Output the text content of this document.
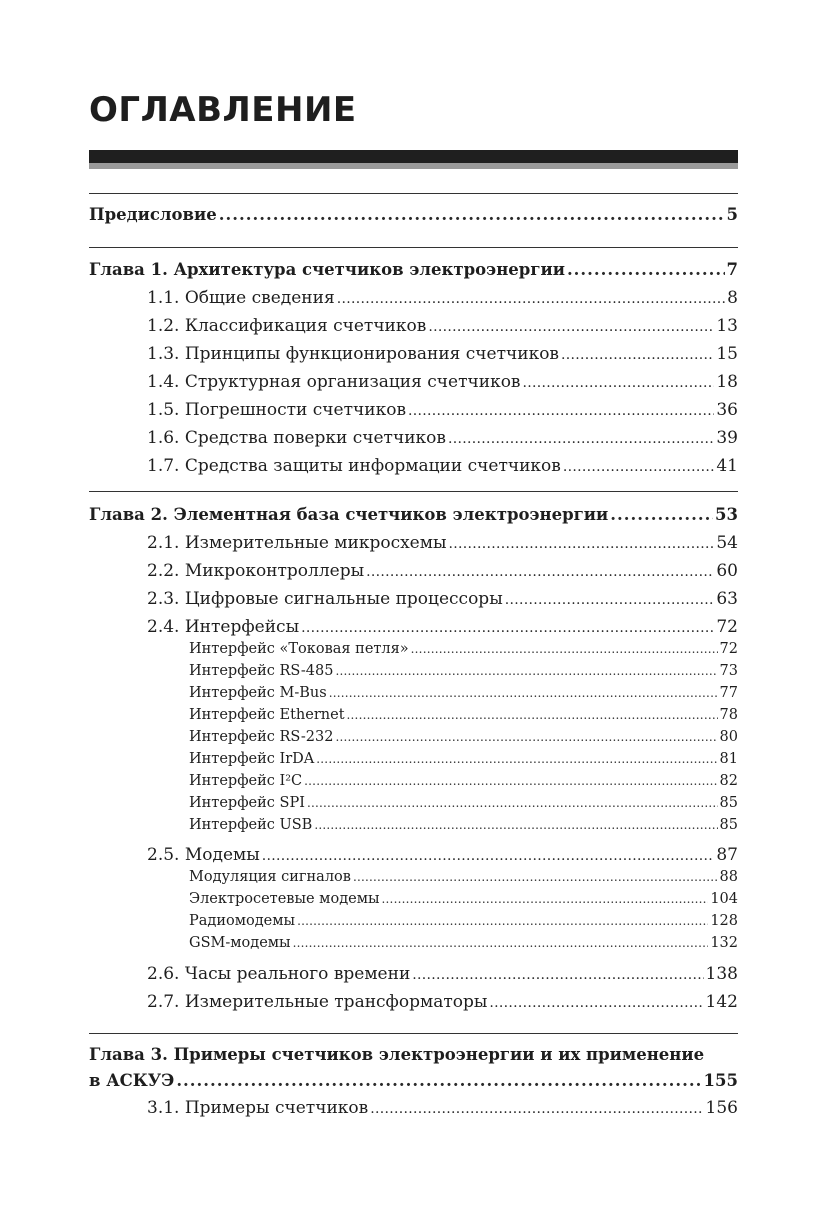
ОГЛАВЛЕНИЕ
Предисловие .....	5
Глава 1. Архитектура счетчиков электроэнергии .....	7
1.1. Общие сведения .....	8
1.2. Классификация счетчиков .....	13
1.3. Принципы функционирования счетчиков .....	15
1.4. Структурная организация счетчиков .....	18
1.5. Погрешности счетчиков .....	36
1.6. Средства поверки счетчиков .....	39
1.7. Средства защиты информации счетчиков .....	41
Глава 2. Элементная база счетчиков электроэнергии .....	53
2.1. Измерительные микросхемы .....	54
2.2. Микроконтроллеры .....	60
2.3. Цифровые сигнальные процессоры .....	63
2.4. Интерфейсы .....	72
Интерфейс «Токовая петля» .....	72
Интерфейс RS-485 .....	73
Интерфейс M-Bus .....	77
Интерфейс Ethernet .....	78
Интерфейс RS-232 .....	80
Интерфейс IrDA .....	81
Интерфейс I²C .....	82
Интерфейс SPI .....	85
Интерфейс USB .....	85
2.5. Модемы .....	87
Модуляция сигналов .....	88
Электросетевые модемы .....	104
Радиомодемы .....	128
GSM-модемы .....	132
2.6. Часы реального времени .....	138
2.7. Измерительные трансформаторы .....	142
Глава 3. Примеры счетчиков электроэнергии и их применение
в АСКУЭ .....	155
3.1. Примеры счетчиков .....	156
